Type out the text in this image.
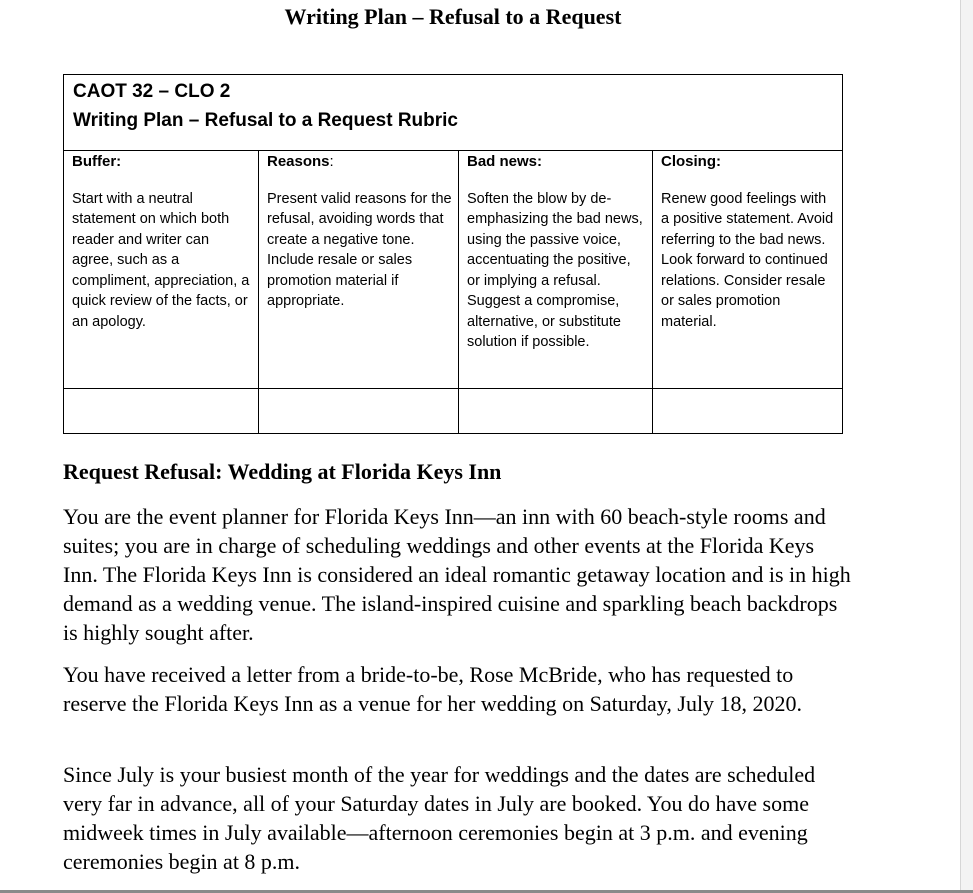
Writing Plan – Refusal to a Request
CAOT 32 – CLO 2
Writing Plan – Refusal to a Request Rubric
Buffer:
Start with a neutral statement on which both reader and writer can agree, such as a compliment, appreciation, a quick review of the facts, or an apology.
Reasons:
Present valid reasons for the refusal, avoiding words that create a negative tone. Include resale or sales promotion material if appropriate.
Bad news:
Soften the blow by de-emphasizing the bad news, using the passive voice, accentuating the positive, or implying a refusal. Suggest a compromise, alternative, or substitute solution if possible.
Closing:
Renew good feelings with a positive statement. Avoid referring to the bad news. Look forward to continued relations. Consider resale or sales promotion material.
Request Refusal: Wedding at Florida Keys Inn

You are the event planner for Florida Keys Inn—an inn with 60 beach-style rooms and suites; you are in charge of scheduling weddings and other events at the Florida Keys Inn. The Florida Keys Inn is considered an ideal romantic getaway location and is in high demand as a wedding venue. The island-inspired cuisine and sparkling beach backdrops is highly sought after.

You have received a letter from a bride-to-be, Rose McBride, who has requested to reserve the Florida Keys Inn as a venue for her wedding on Saturday, July 18, 2020.

Since July is your busiest month of the year for weddings and the dates are scheduled very far in advance, all of your Saturday dates in July are booked. You do have some midweek times in July available—afternoon ceremonies begin at 3 p.m. and evening ceremonies begin at 8 p.m.
